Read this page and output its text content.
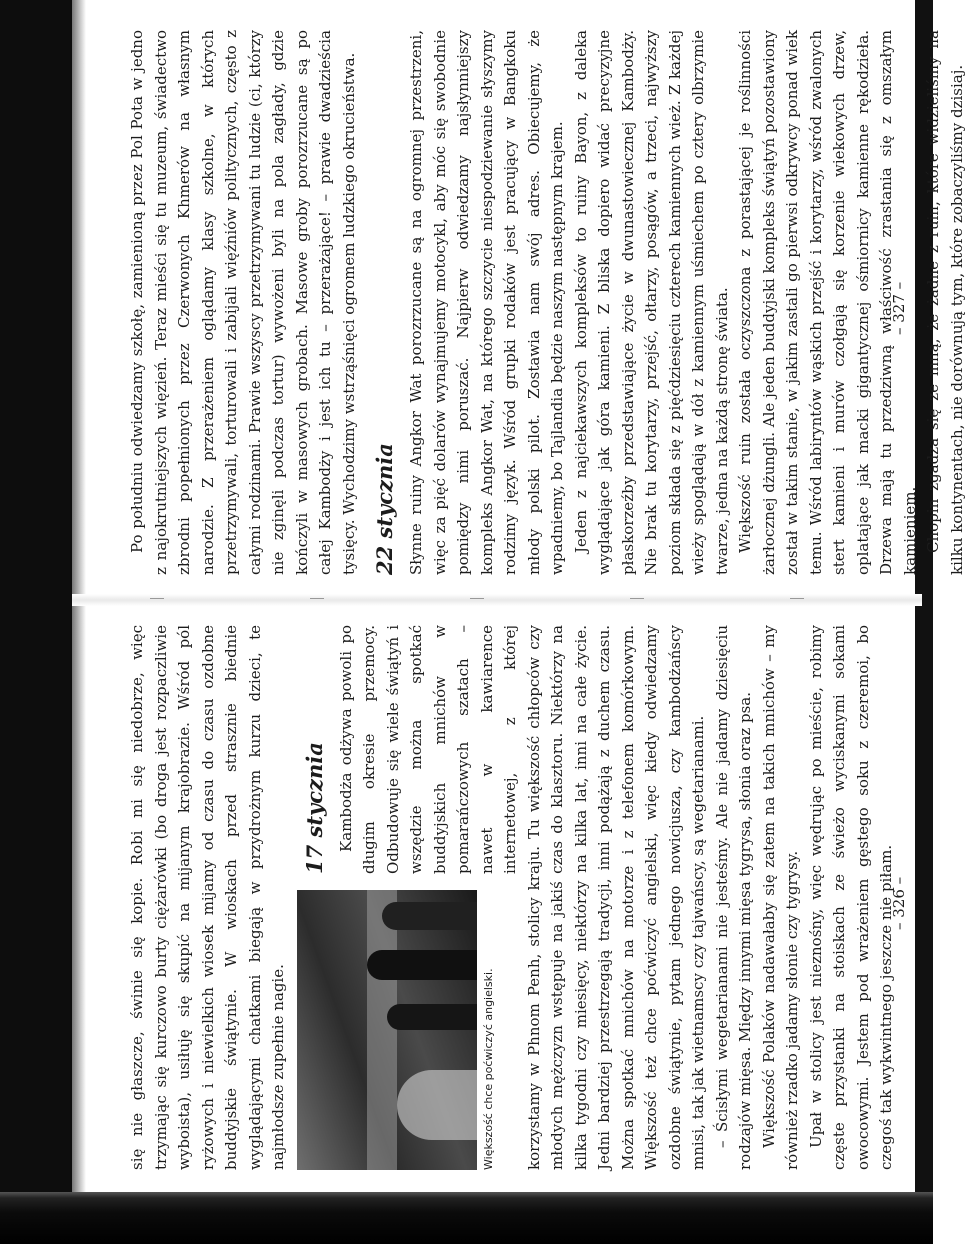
się nie głaszcze, świnie się kopie. Robi mi się niedobrze, więc trzymając się kurczowo burty ciężarówki (bo droga jest rozpaczliwie wyboista), usiłuję się skupić na mijanym krajobrazie. Wśród pól ryżowych i niewielkich wiosek mijamy od czasu do czasu ozdobne buddyjskie świątynie. W wioskach przed strasznie biednie wyglądającymi chatkami biegają w przydrożnym kurzu dzieci, te najmłodsze zupełnie nagie.	Większość chce poćwiczyć angielski.
17 stycznia Kambodża odżywa powoli po długim okresie przemocy. Odbudowuje się wiele świątyń i wszędzie można spotkać buddyjskich mnichów w pomarańczowych szatach – nawet w kawiarence internetowej, z której korzystamy w Phnom Penh, stolicy kraju. Tu większość chłopców czy młodych mężczyzn wstępuje na jakiś czas do klasztoru. Niektórzy na kilka tygodni czy miesięcy, niektórzy na kilka lat, inni na całe życie. Jedni bardziej przestrzegają tradycji, inni podążają z duchem czasu. Można spotkać mnichów na motorze i z telefonem komórkowym. Większość też chce poćwiczyć angielski, więc kiedy odwiedzamy ozdobne świątynie, pytam jednego nowicjusza, czy kambodżańscy mnisi, tak jak wietnamscy czy tajwańscy, są wegetarianami. – Ścisłymi wegetarianami nie jesteśmy. Ale nie jadamy dziesięciu rodzajów mięsa. Między innymi mięsa tygrysa, słonia oraz psa. Większość Polaków nadawałaby się zatem na takich mnichów – my również rzadko jadamy słonie czy tygrysy. Upał w stolicy jest nieznośny, więc wędrując po mieście, robimy częste przystanki na stoiskach ze świeżo wyciskanymi sokami owocowymi. Jestem pod wrażeniem gęstego soku z czeremoi, bo czegoś tak wykwintnego jeszcze nie piłam.

– 326 –

Po południu odwiedzamy szkołę, zamienioną przez Pol Pota w jedno z najokrutniejszych więzień. Teraz mieści się tu muzeum, świadectwo zbrodni popełnionych przez Czerwonych Khmerów na własnym narodzie. Z przerażeniem oglądamy klasy szkolne, w których przetrzymywali, torturowali i zabijali więźniów politycznych, często z całymi rodzinami. Prawie wszyscy przetrzymywani tu ludzie (ci, którzy nie zginęli podczas tortur) wywożeni byli na pola zagłady, gdzie kończyli w masowych grobach. Masowe groby porozrzucane są po całej Kambodży i jest ich tu – przerażające! – prawie dwadzieścia tysięcy. Wychodzimy wstrząśnięci ogromem ludzkiego okrucieństwa. 22 stycznia Słynne ruiny Angkor Wat porozrzucane są na ogromnej przestrzeni, więc za pięć dolarów wynajmujemy motocykl, aby móc się swobodnie pomiędzy nimi poruszać. Najpierw odwiedzamy najsłynniejszy kompleks Angkor Wat, na którego szczycie niespodziewanie słyszymy rodzimy język. Wśród grupki rodaków jest pracujący w Bangkoku młody polski pilot. Zostawia nam swój adres. Obiecujemy, że wpadniemy, bo Tajlandia będzie naszym następnym krajem. Jeden z najciekawszych kompleksów to ruiny Bayon, z daleka wyglądające jak góra kamieni. Z bliska dopiero widać precyzyjne płaskorzeźby przedstawiające życie w dwunastowiecznej Kambodży. Nie brak tu korytarzy, przejść, ołtarzy, posągów, a trzeci, najwyższy poziom składa się z pięćdziesięciu czterech kamiennych wież. Z każdej wieży spoglądają w dół z kamiennym uśmiechem po cztery olbrzymie twarze, jedna na każdą stronę świata. Większość ruin została oczyszczona z porastającej je roślinności żarłocznej dżungli. Ale jeden buddyjski kompleks świątyń pozostawiony został w takim stanie, w jakim zastali go pierwsi odkrywcy ponad wiek temu. Wśród labiryntów wąskich przejść i korytarzy, wśród zwalonych stert kamieni i murów czołgają się korzenie wiekowych drzew, oplatające jak macki gigantycznej ośmiornicy kamienne rękodzieła. Drzewa mają tu przedziwną właściwość zrastania się z omszałym kamieniem. Chopin zgadza się ze mną, że żadne z ruin, które widzieliśmy na kilku kontynentach, nie dorównują tym, które zobaczyliśmy dzisiaj.

– 327 –
